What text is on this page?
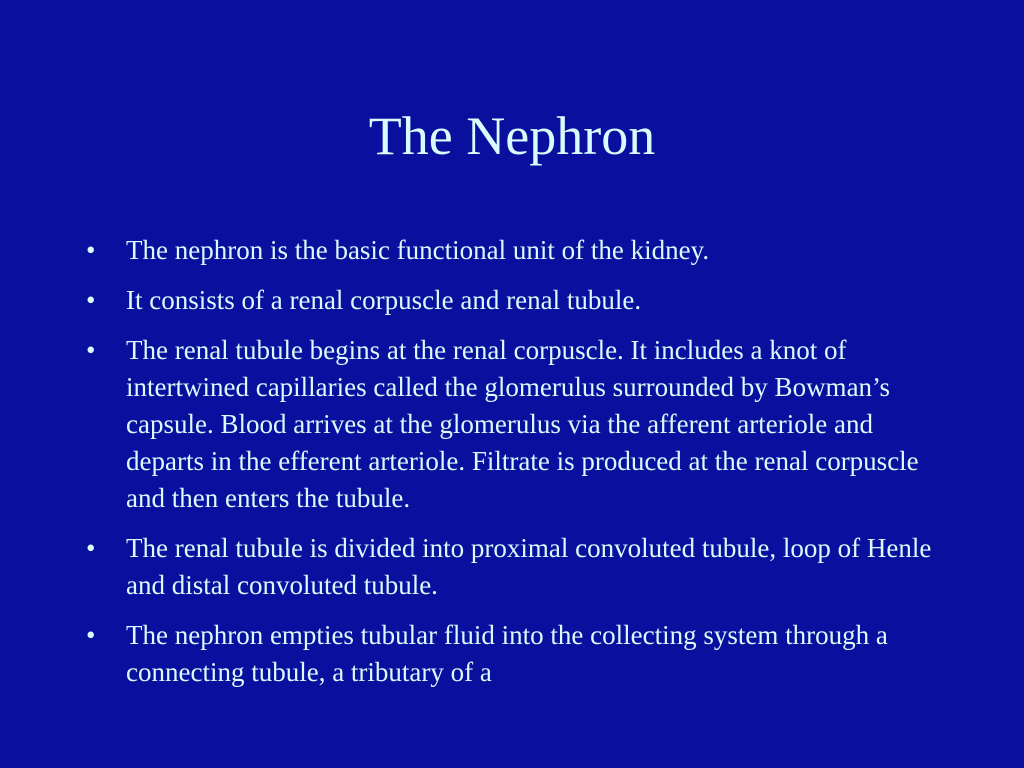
The Nephron
•	The nephron is the basic functional unit of the kidney.
•	It consists of a renal corpuscle and renal tubule.
•	The renal tubule begins at the renal corpuscle. It includes a knot of intertwined capillaries called the glomerulus surrounded by Bowman’s capsule. Blood arrives at the glomerulus via the afferent arteriole and departs in the efferent arteriole. Filtrate is produced at the renal corpuscle and then enters the tubule.
•	The renal tubule is divided into proximal convoluted tubule, loop of Henle and distal convoluted tubule.
•	The nephron empties tubular fluid into the collecting system through a connecting tubule, a tributary of a
